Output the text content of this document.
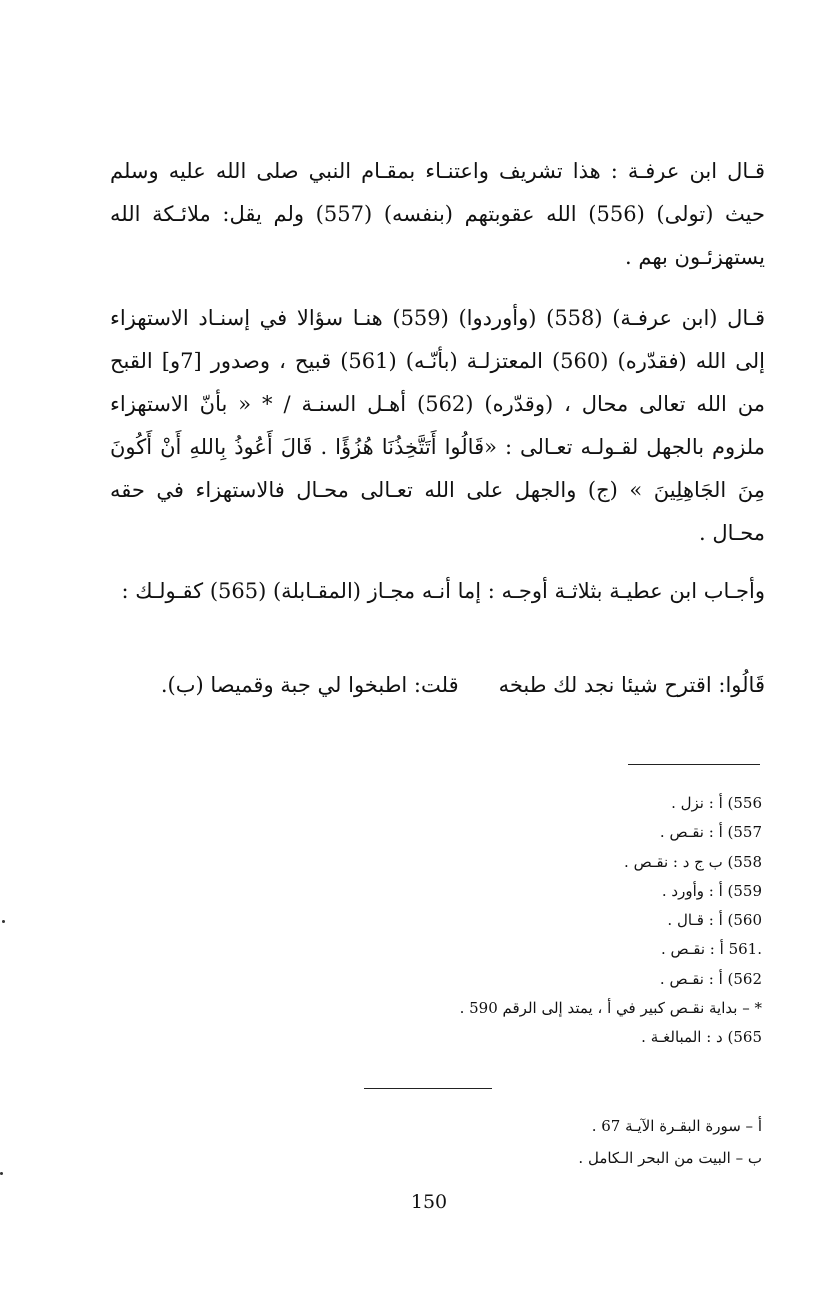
قـال ابن عرفـة : هذا تشريف واعتنـاء بمقـام النبي صلى الله عليه وسلم حيث (تولى) (556) الله عقوبتهم (بنفسه) (557) ولم يقل: ملائـكة الله يستهزئـون بهم .
قـال (ابن عرفـة) (558) (وأوردوا) (559) هنـا سؤالا في إسنـاد الاستهزاء إلى الله (فقدّره) (560) المعتزلـة (بأنّـه) (561) قبيح ، وصدور [7و] القبح من الله تعالى محال ، (وقدّره) (562) أهـل السنـة / * « بأنّ الاستهزاء ملزوم بالجهل لقـولـه تعـالى : «قَالُوا أَتَتَّخِذُنَا هُزُؤًا . قَالَ أَعُوذُ بِاللهِ أَنْ أَكُونَ مِنَ الجَاهِلِينَ » (ج) والجهل على الله تعـالى محـال فالاستهزاء في حقه محـال .
وأجـاب ابن عطيـة بثلاثـة أوجـه : إما أنـه مجـاز (المقـابلة) (565) كقـولـك :
قَالُوا: اقترح شيئا نجد لك طبخهقلت: اطبخوا لي جبة وقميصا (ب).
556) أ : نزل .
557) أ : نقـص .
558) ب ج د : نقـص .
559) أ : وأورد .
560) أ : قـال .
.561 أ : نقـص .
562) أ : نقـص .
* – بداية نقـص كبير في أ ، يمتد إلى الرقم 590 .
565) د : المبالغـة .
أ – سورة البقـرة الآيـة 67 .
ب – البيت من البحر الـكامل .
150
